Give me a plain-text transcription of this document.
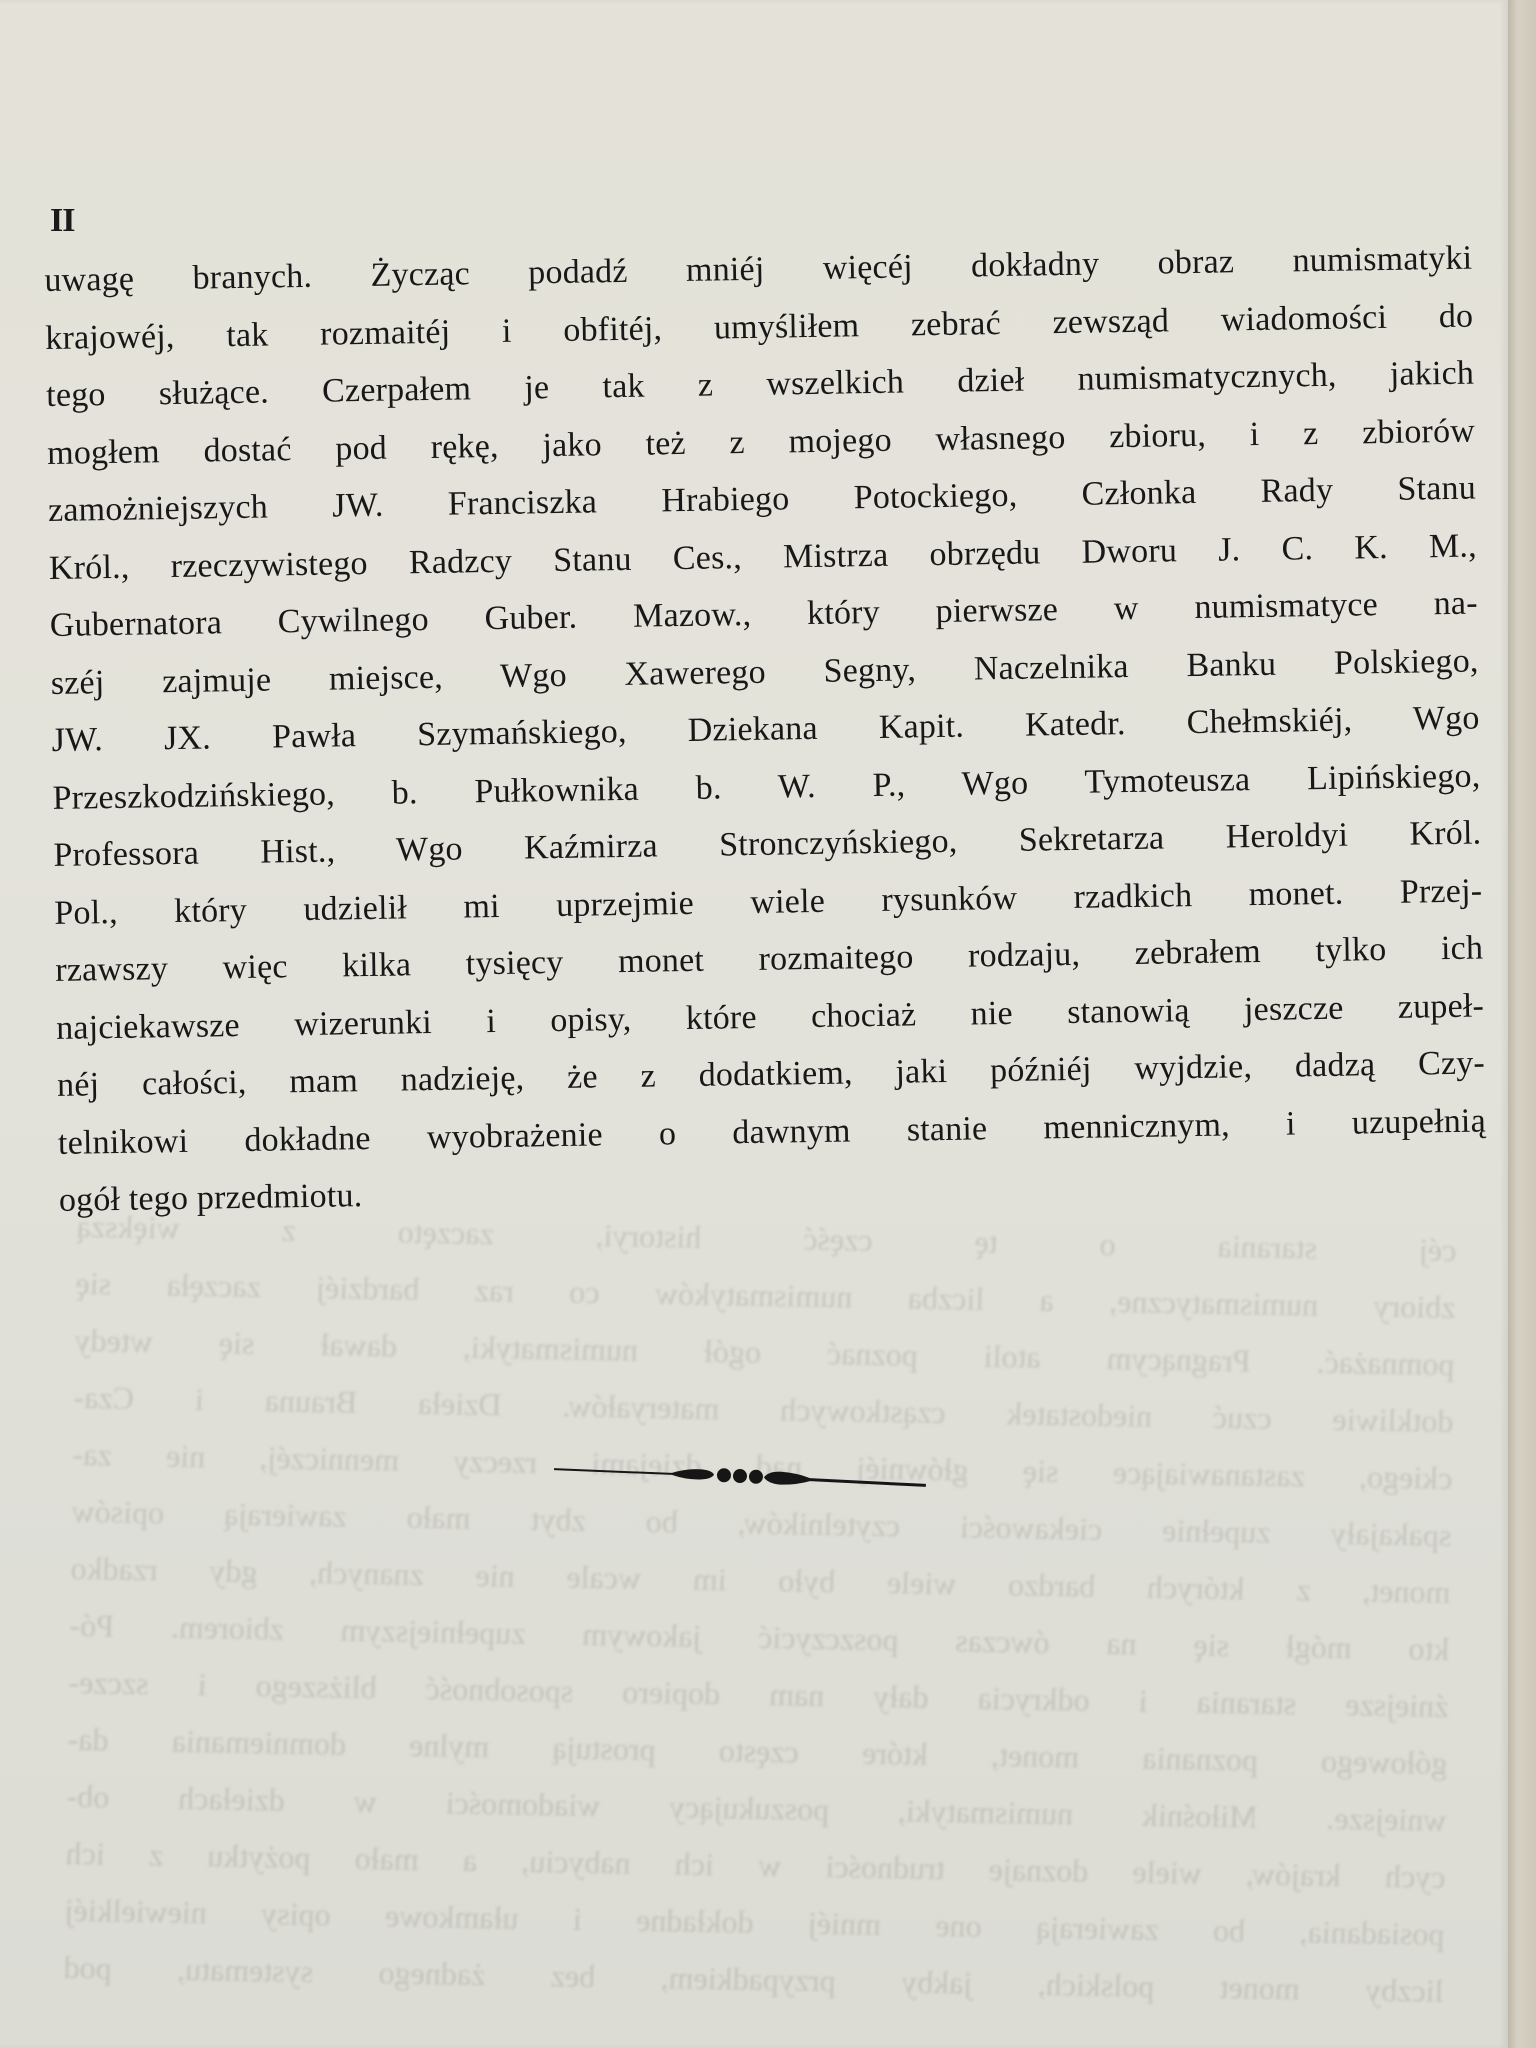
céj starania o tę część historyi, zaczęto z większą
zbiory numismatyczne, a liczba numismatyków co raz bardziéj zaczęła się
pomnażać. Pragnącym atoli poznać ogół numismatyki, dawał się wtedy
dotkliwie czuć niedostatek cząstkowych materyałów. Dzieła Brauna i Cza-
ckiego, zastanawiające się główniéj nad dziejami rzeczy menniczéj, nie za-
spakajały zupełnie ciekawości czytelników, bo zbyt mało zawierają opisów
monet, z których bardzo wiele było im wcale nie znanych, gdy rzadko
kto mógł się na ówczas poszczycić jakowym zupełniejszym zbiorem. Pó-
źniejsze starania i odkrycia dały nam dopiero sposobność bliższego i szcze-
gółowego poznania monet, które często prostują mylne domniemania da-
wniejsze. Miłośnik numismatyki, poszukujący wiadomości w dziełach ob-
cych krajów, wiele doznaje trudności w ich nabyciu, a mało pożytku z ich
posiadania, bo zawierają one mniéj dokładne i ułamkowe opisy niewielkiéj
liczby monet polskich, jakby przypadkiem, bez żadnego systematu, pod
II
uwagę branych. Życząc podadź mniéj więcéj dokładny obraz numismatyki
krajowéj, tak rozmaitéj i obfitéj, umyśliłem zebrać zewsząd wiadomości do
tego służące. Czerpałem je tak z wszelkich dzieł numismatycznych, jakich
mogłem dostać pod rękę, jako też z mojego własnego zbioru, i z zbiorów
zamożniejszych JW. Franciszka Hrabiego Potockiego, Członka Rady Stanu
Król., rzeczywistego Radzcy Stanu Ces., Mistrza obrzędu Dworu J. C. K. M.,
Gubernatora Cywilnego Guber. Mazow., który pierwsze w numismatyce na-
széj zajmuje miejsce, Wgo Xawerego Segny, Naczelnika Banku Polskiego,
JW. JX. Pawła Szymańskiego, Dziekana Kapit. Katedr. Chełmskiéj, Wgo
Przeszkodzińskiego, b. Pułkownika b. W. P., Wgo Tymoteusza Lipińskiego,
Professora Hist., Wgo Kaźmirza Stronczyńskiego, Sekretarza Heroldyi Król.
Pol., który udzielił mi uprzejmie wiele rysunków rzadkich monet. Przej-
rzawszy więc kilka tysięcy monet rozmaitego rodzaju, zebrałem tylko ich
najciekawsze wizerunki i opisy, które chociaż nie stanowią jeszcze zupeł-
néj całości, mam nadzieję, że z dodatkiem, jaki późniéj wyjdzie, dadzą Czy-
telnikowi dokładne wyobrażenie o dawnym stanie mennicznym, i uzupełnią
ogół tego przedmiotu.
